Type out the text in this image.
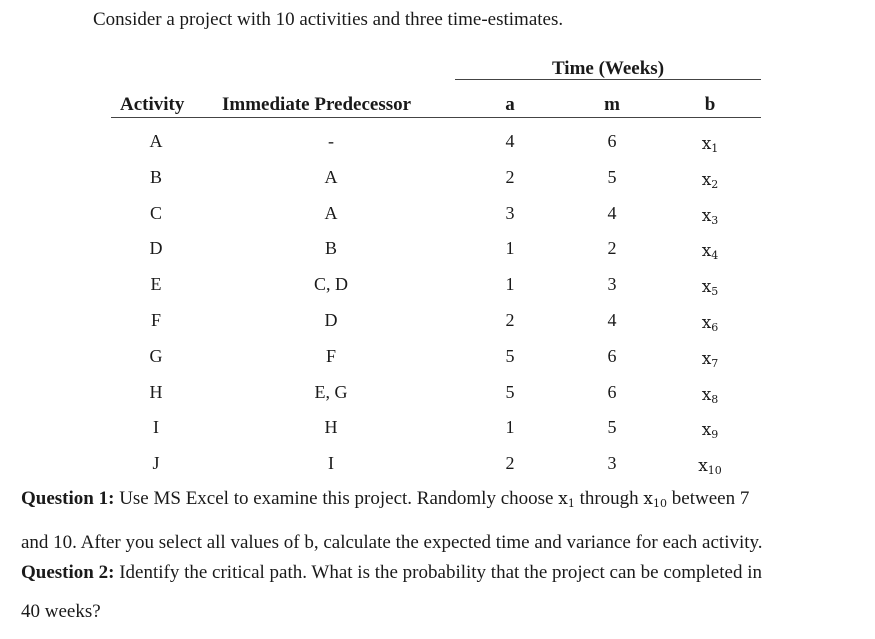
Consider a project with 10 activities and three time-estimates.
Time (Weeks)
Activity Immediate Predecessor	a	m	b
A	-	4	6	$x_1$
B	A	2	5	$x_2$
C	A	3	4	$x_3$
D	B	1	2	$x_4$
E	C, D	1	3	$x_5$
F	D	2	4	$x_6$
G	F	5	6	$x_7$
H	E, G	5	6	$x_8$
I	H	1	5	$x_9$
J	I	2	3	$x_{10}$
Question 1: Use MS Excel to examine this project. Randomly choose $x_1$ through $x_{10}$ between 7
and 10. After you select all values of b, calculate the expected time and variance for each activity.
Question 2: Identify the critical path. What is the probability that the project can be completed in
40 weeks?
